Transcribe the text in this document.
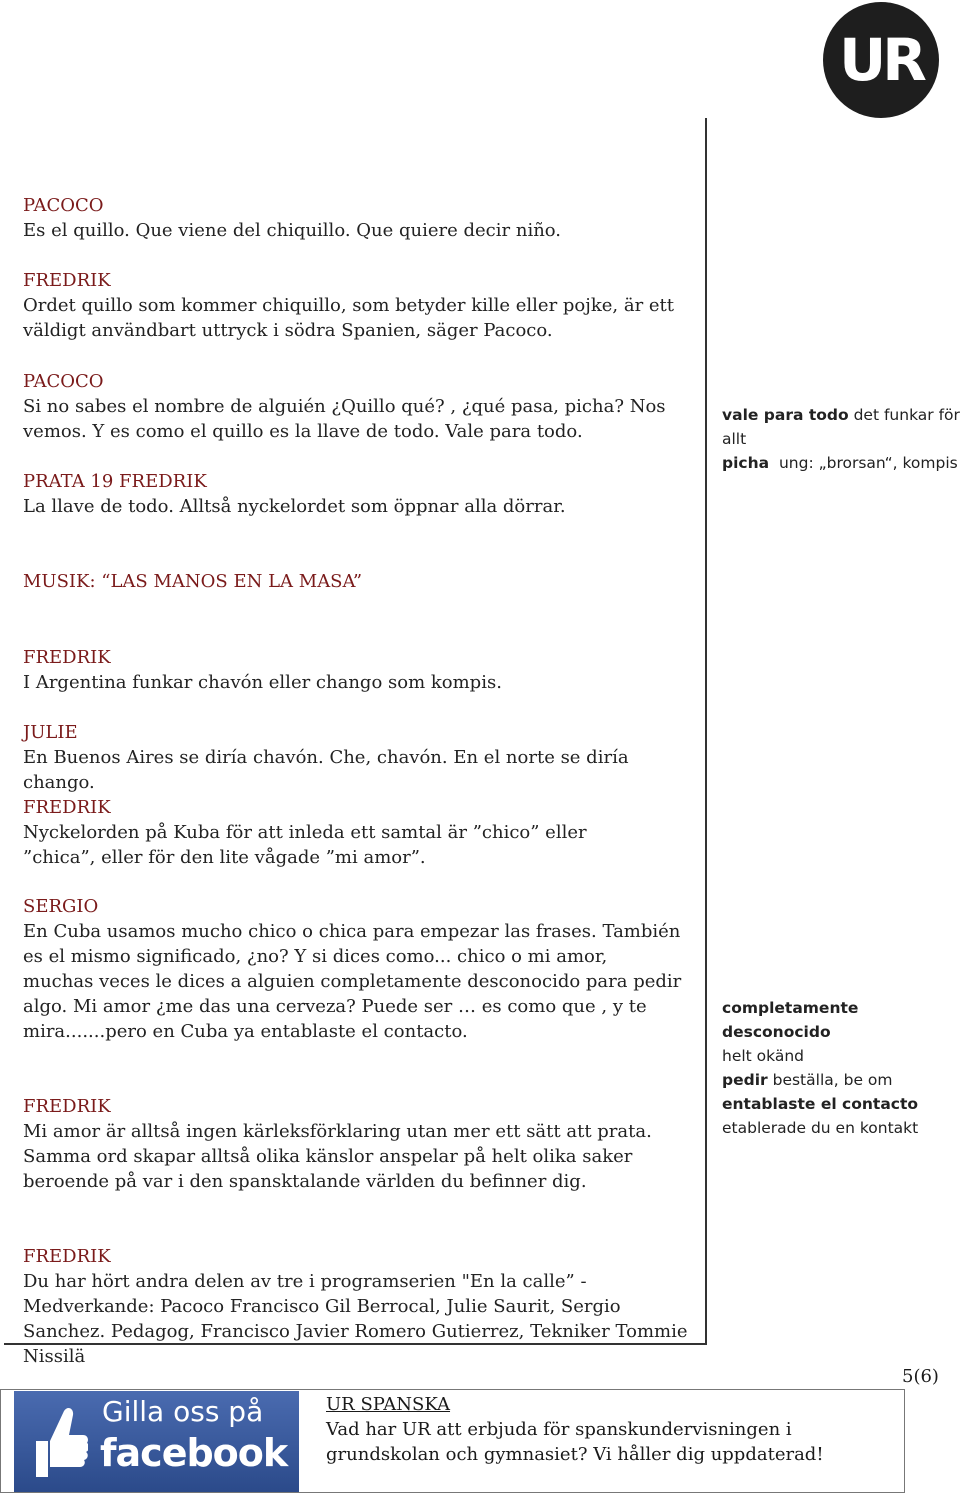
UR
PACOCO
Es el quillo. Que viene del chiquillo. Que quiere decir niño.
FREDRIK
Ordet quillo som kommer chiquillo, som betyder kille eller pojke, är ett väldigt användbart uttryck i södra Spanien, säger Pacoco.
PACOCO
Si no sabes el nombre de alguién ¿Quillo qué? , ¿qué pasa, picha? Nos vemos. Y es como el quillo es la llave de todo. Vale para todo.
PRATA 19 FREDRIK
La llave de todo. Alltså nyckelordet som öppnar alla dörrar.
MUSIK: “LAS MANOS EN LA MASA”
FREDRIK
I Argentina funkar chavón eller chango som kompis.
JULIE
En Buenos Aires se diría chavón. Che, chavón. En el norte se diría chango.
FREDRIK
Nyckelorden på Kuba för att inleda ett samtal är ”chico” eller ”chica”, eller för den lite vågade ”mi amor”.
SERGIO
En Cuba usamos mucho chico o chica para empezar las frases. También es el mismo significado, ¿no? Y si dices como... chico o mi amor, muchas veces le dices a alguien completamente desconocido para pedir algo. Mi amor ¿me das una cerveza? Puede ser … es como que , y te mira.......pero en Cuba ya entablaste el contacto.
FREDRIK
Mi amor är alltså ingen kärleksförklaring utan mer ett sätt att prata. Samma ord skapar alltså olika känslor anspelar på helt olika saker beroende på var i den spansktalande världen du befinner dig.
FREDRIK
Du har hört andra delen av tre i programserien "En la calle” - Medverkande: Pacoco Francisco Gil Berrocal, Julie Saurit, Sergio Sanchez. Pedagog, Francisco Javier Romero Gutierrez, Tekniker Tommie Nissilä
vale para todo det funkar för allt
picha ung: „brorsan“, kompis
completamente desconocido
helt okänd
pedir beställa, be om
entablaste el contacto
etablerade du en kontakt
5(6)
Gilla oss på
facebook
UR SPANSKA
Vad har UR att erbjuda för spanskundervisningen i grundskolan och gymnasiet? Vi håller dig uppdaterad!
